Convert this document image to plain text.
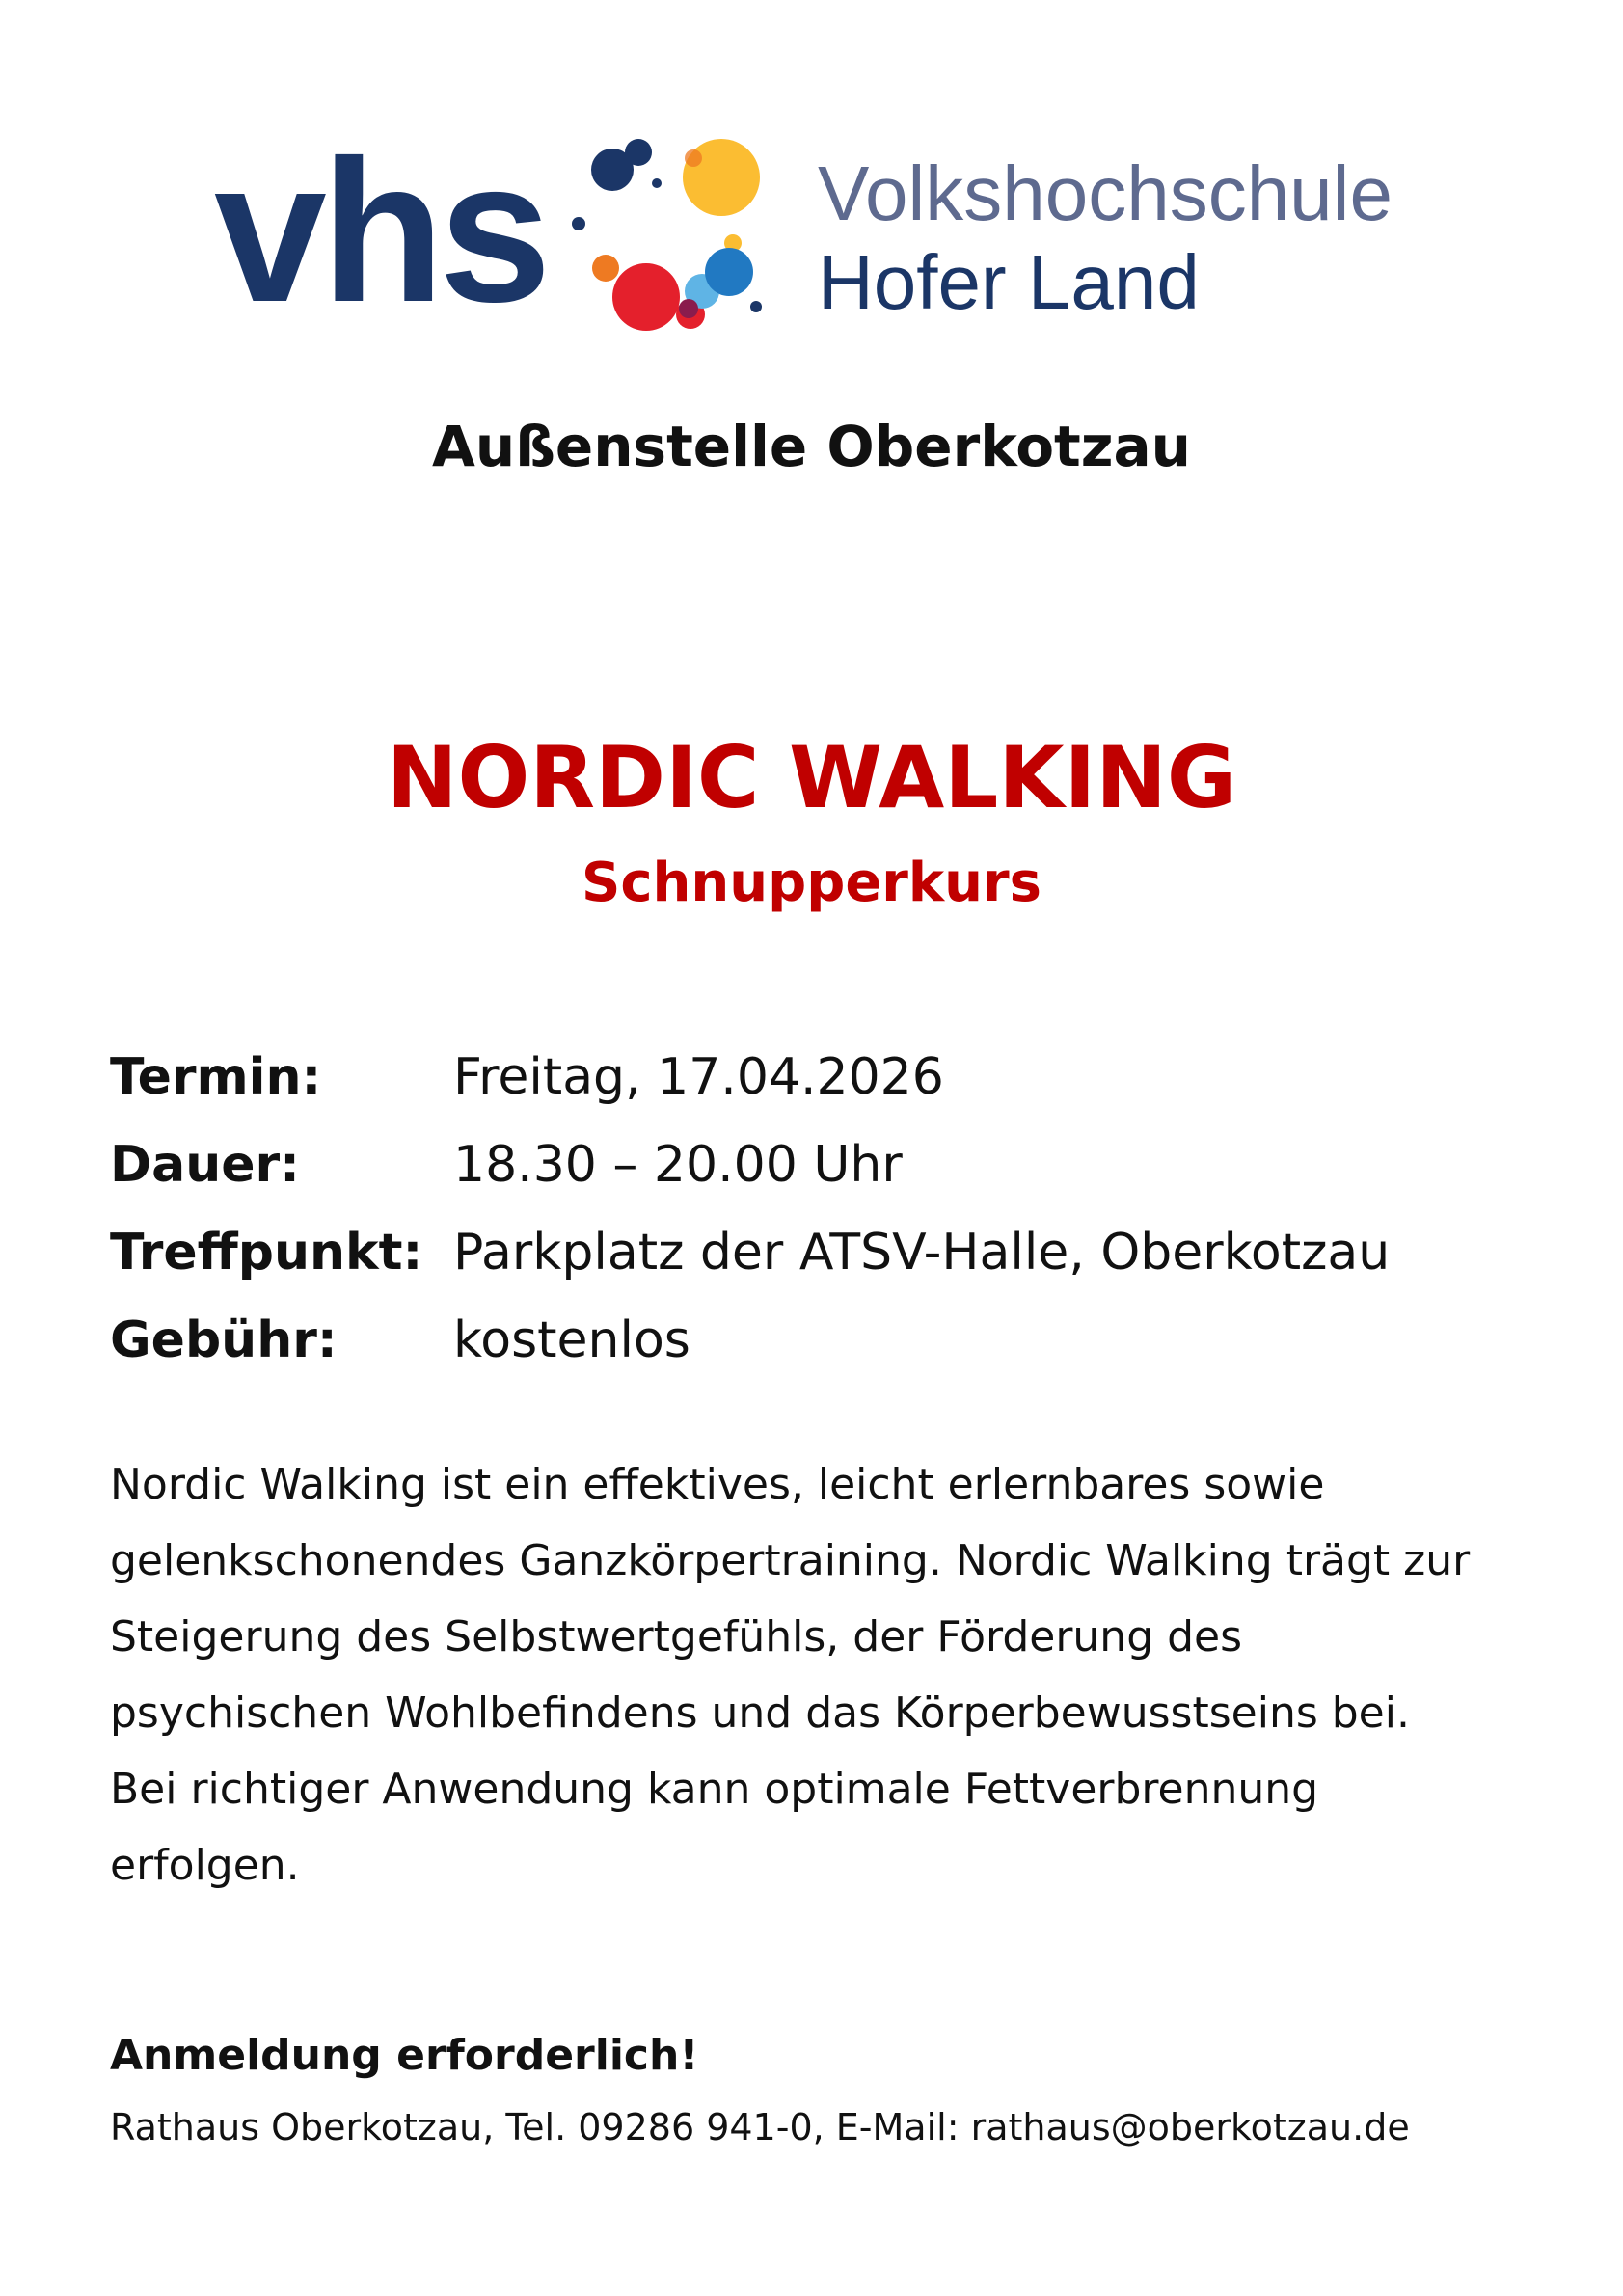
vhs	Volkshochschule
Hofer Land
Außenstelle Oberkotzau
NORDIC WALKING
Schnupperkurs
Termin:	Freitag, 17.04.2026
Dauer:	18.30 – 20.00 Uhr
Treffpunkt: Parkplatz der ATSV-Halle, Oberkotzau
Gebühr: kostenlos
Nordic Walking ist ein effektives, leicht erlernbares sowie
gelenkschonendes Ganzkörpertraining. Nordic Walking trägt zur
Steigerung des Selbstwertgefühls, der Förderung des
psychischen Wohlbefindens und das Körperbewusstseins bei.
Bei richtiger Anwendung kann optimale Fettverbrennung
erfolgen.
Anmeldung erforderlich!
Rathaus Oberkotzau, Tel. 09286 941-0, E-Mail: rathaus@oberkotzau.de
